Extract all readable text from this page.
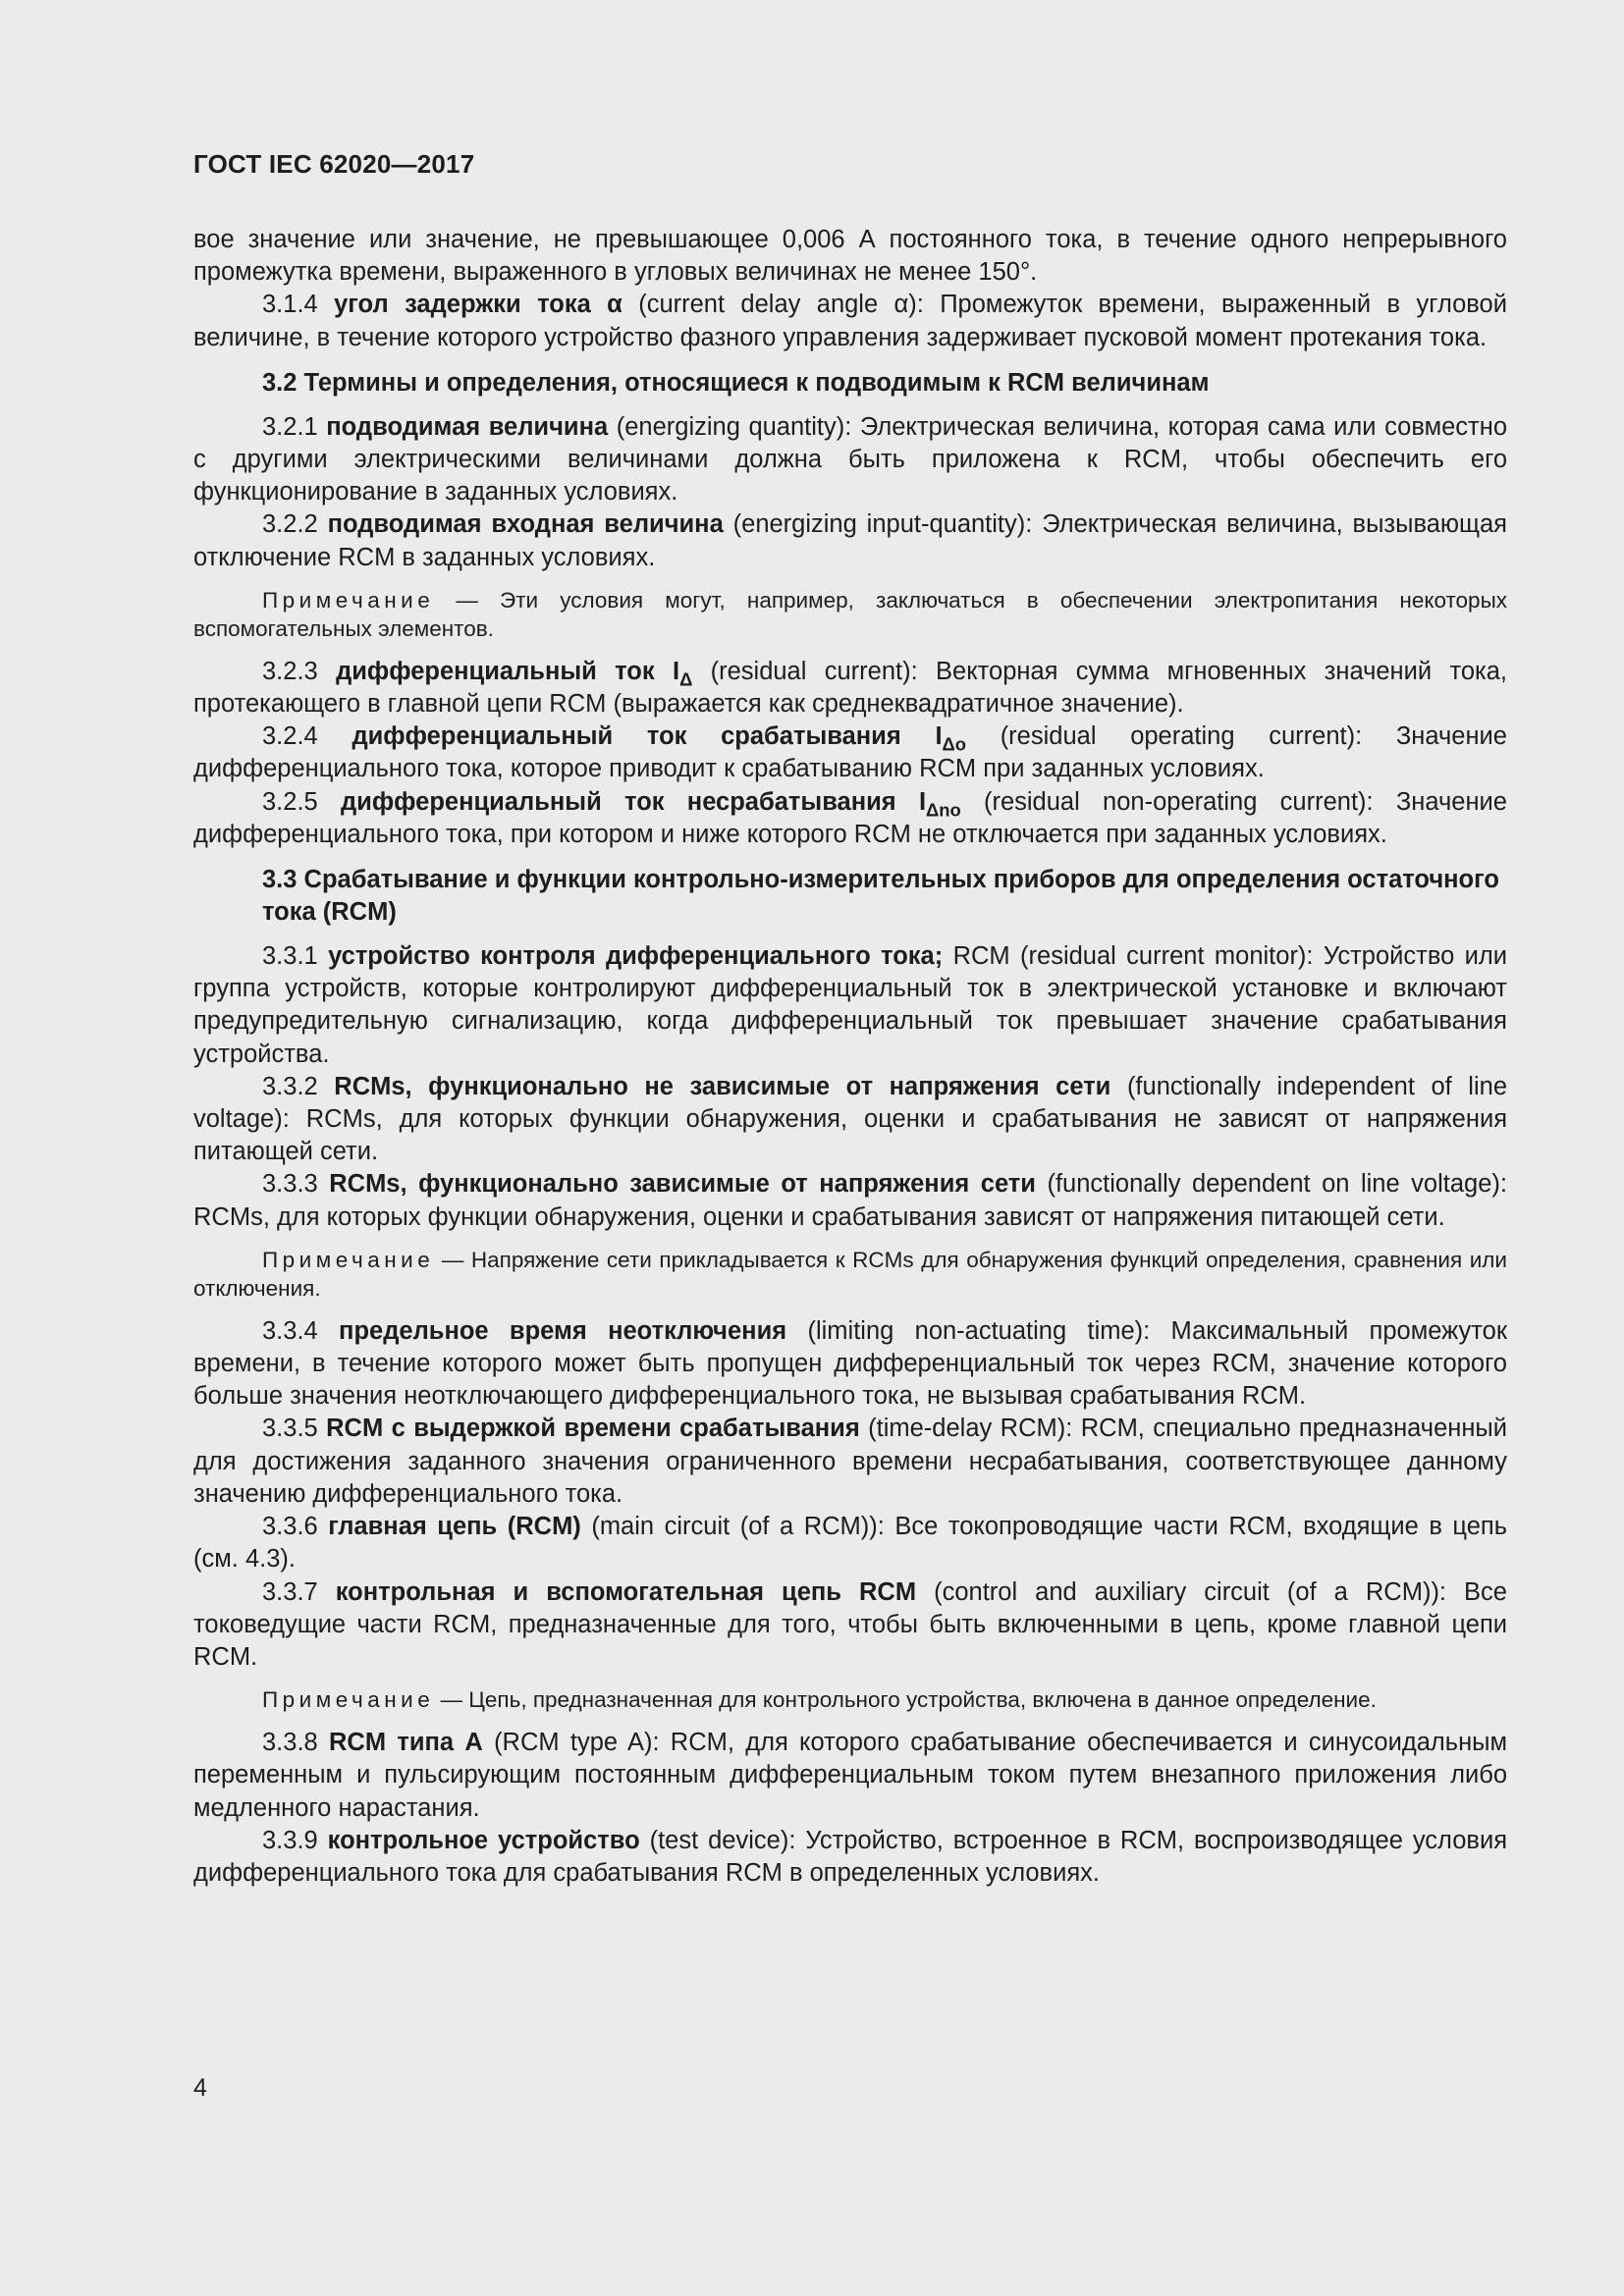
ГОСТ IEC 62020—2017

вое значение или значение, не превышающее 0,006 А постоянного тока, в течение одного непрерывного промежутка времени, выраженного в угловых величинах не менее 150°.

3.1.4 угол задержки тока α (current delay angle α): Промежуток времени, выраженный в угловой величине, в течение которого устройство фазного управления задерживает пусковой момент протекания тока.

3.2 Термины и определения, относящиеся к подводимым к RCM величинам

3.2.1 подводимая величина (energizing quantity): Электрическая величина, которая сама или совместно с другими электрическими величинами должна быть приложена к RCM, чтобы обеспечить его функционирование в заданных условиях.

3.2.2 подводимая входная величина (energizing input-quantity): Электрическая величина, вызывающая отключение RCM в заданных условиях.

Примечание — Эти условия могут, например, заключаться в обеспечении электропитания некоторых вспомогательных элементов.

3.2.3 дифференциальный ток $I_\Delta$ (residual current): Векторная сумма мгновенных значений тока, протекающего в главной цепи RCM (выражается как среднеквадратичное значение).

3.2.4 дифференциальный ток срабатывания $I_{\Delta o}$ (residual operating current): Значение дифференциального тока, которое приводит к срабатыванию RCM при заданных условиях.

3.2.5 дифференциальный ток несрабатывания $I_{\Delta no}$ (residual non-operating current): Значение дифференциального тока, при котором и ниже которого RCM не отключается при заданных условиях.

3.3 Срабатывание и функции контрольно-измерительных приборов для определения остаточного тока (RCM)

3.3.1 устройство контроля дифференциального тока; RCM (residual current monitor): Устройство или группа устройств, которые контролируют дифференциальный ток в электрической установке и включают предупредительную сигнализацию, когда дифференциальный ток превышает значение срабатывания устройства.

3.3.2 RCMs, функционально не зависимые от напряжения сети (functionally independent of line voltage): RCMs, для которых функции обнаружения, оценки и срабатывания не зависят от напряжения питающей сети.

3.3.3 RCMs, функционально зависимые от напряжения сети (functionally dependent on line voltage): RCMs, для которых функции обнаружения, оценки и срабатывания зависят от напряжения питающей сети.

Примечание — Напряжение сети прикладывается к RCMs для обнаружения функций определения, сравнения или отключения.

3.3.4 предельное время неотключения (limiting non-actuating time): Максимальный промежуток времени, в течение которого может быть пропущен дифференциальный ток через RCM, значение которого больше значения неотключающего дифференциального тока, не вызывая срабатывания RCM.

3.3.5 RCM с выдержкой времени срабатывания (time-delay RCM): RCM, специально предназначенный для достижения заданного значения ограниченного времени несрабатывания, соответствующее данному значению дифференциального тока.

3.3.6 главная цепь (RCM) (main circuit (of a RCM)): Все токопроводящие части RCM, входящие в цепь (см. 4.3).

3.3.7 контрольная и вспомогательная цепь RCM (control and auxiliary circuit (of a RCM)): Все токоведущие части RCM, предназначенные для того, чтобы быть включенными в цепь, кроме главной цепи RCM.

Примечание — Цепь, предназначенная для контрольного устройства, включена в данное определение.

3.3.8 RCM типа А (RCM type A): RCM, для которого срабатывание обеспечивается и синусоидальным переменным и пульсирующим постоянным дифференциальным током путем внезапного приложения либо медленного нарастания.

3.3.9 контрольное устройство (test device): Устройство, встроенное в RCM, воспроизводящее условия дифференциального тока для срабатывания RCM в определенных условиях.

4
